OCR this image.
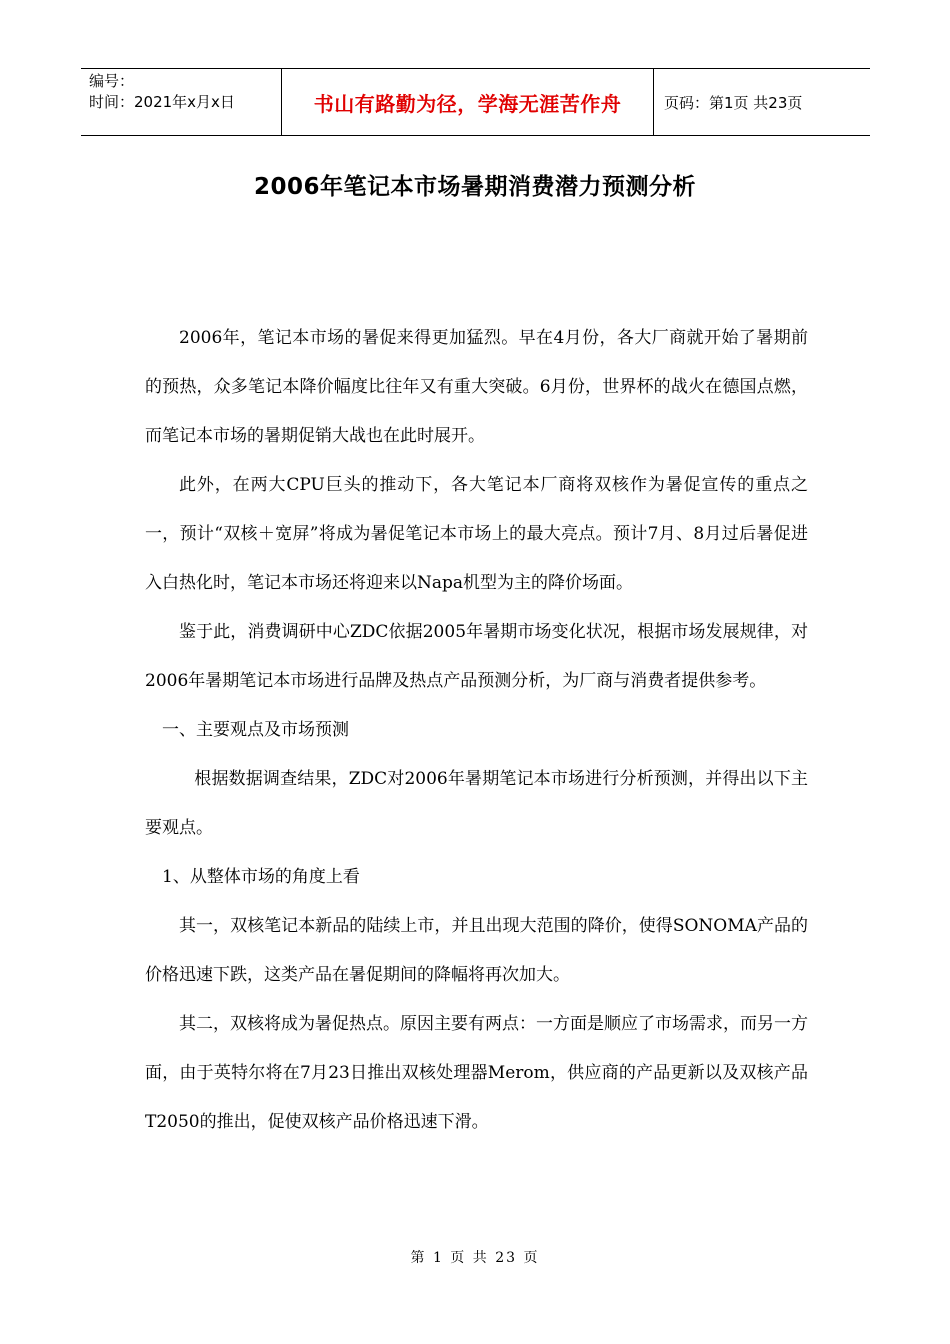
编号：
时间：2021年x月x日	书山有路勤为径，学海无涯苦作舟	页码：第1页 共23页
2006年笔记本市场暑期消费潜力预测分析

2006年，笔记本市场的暑促来得更加猛烈。早在4月份，各大厂商就开始了暑期前的预热，众多笔记本降价幅度比往年又有重大突破。6月份，世界杯的战火在德国点燃，而笔记本市场的暑期促销大战也在此时展开。

此外，在两大CPU巨头的推动下，各大笔记本厂商将双核作为暑促宣传的重点之一，预计“双核＋宽屏”将成为暑促笔记本市场上的最大亮点。预计7月、8月过后暑促进入白热化时，笔记本市场还将迎来以Napa机型为主的降价场面。

鉴于此，消费调研中心ZDC依据2005年暑期市场变化状况，根据市场发展规律，对2006年暑期笔记本市场进行品牌及热点产品预测分析，为厂商与消费者提供参考。

一、主要观点及市场预测

根据数据调查结果，ZDC对2006年暑期笔记本市场进行分析预测，并得出以下主要观点。

1、从整体市场的角度上看

其一，双核笔记本新品的陆续上市，并且出现大范围的降价，使得SONOMA产品的价格迅速下跌，这类产品在暑促期间的降幅将再次加大。

其二，双核将成为暑促热点。原因主要有两点：一方面是顺应了市场需求，而另一方面，由于英特尔将在7月23日推出双核处理器Merom，供应商的产品更新以及双核产品T2050的推出，促使双核产品价格迅速下滑。

第 1 页 共 23 页
